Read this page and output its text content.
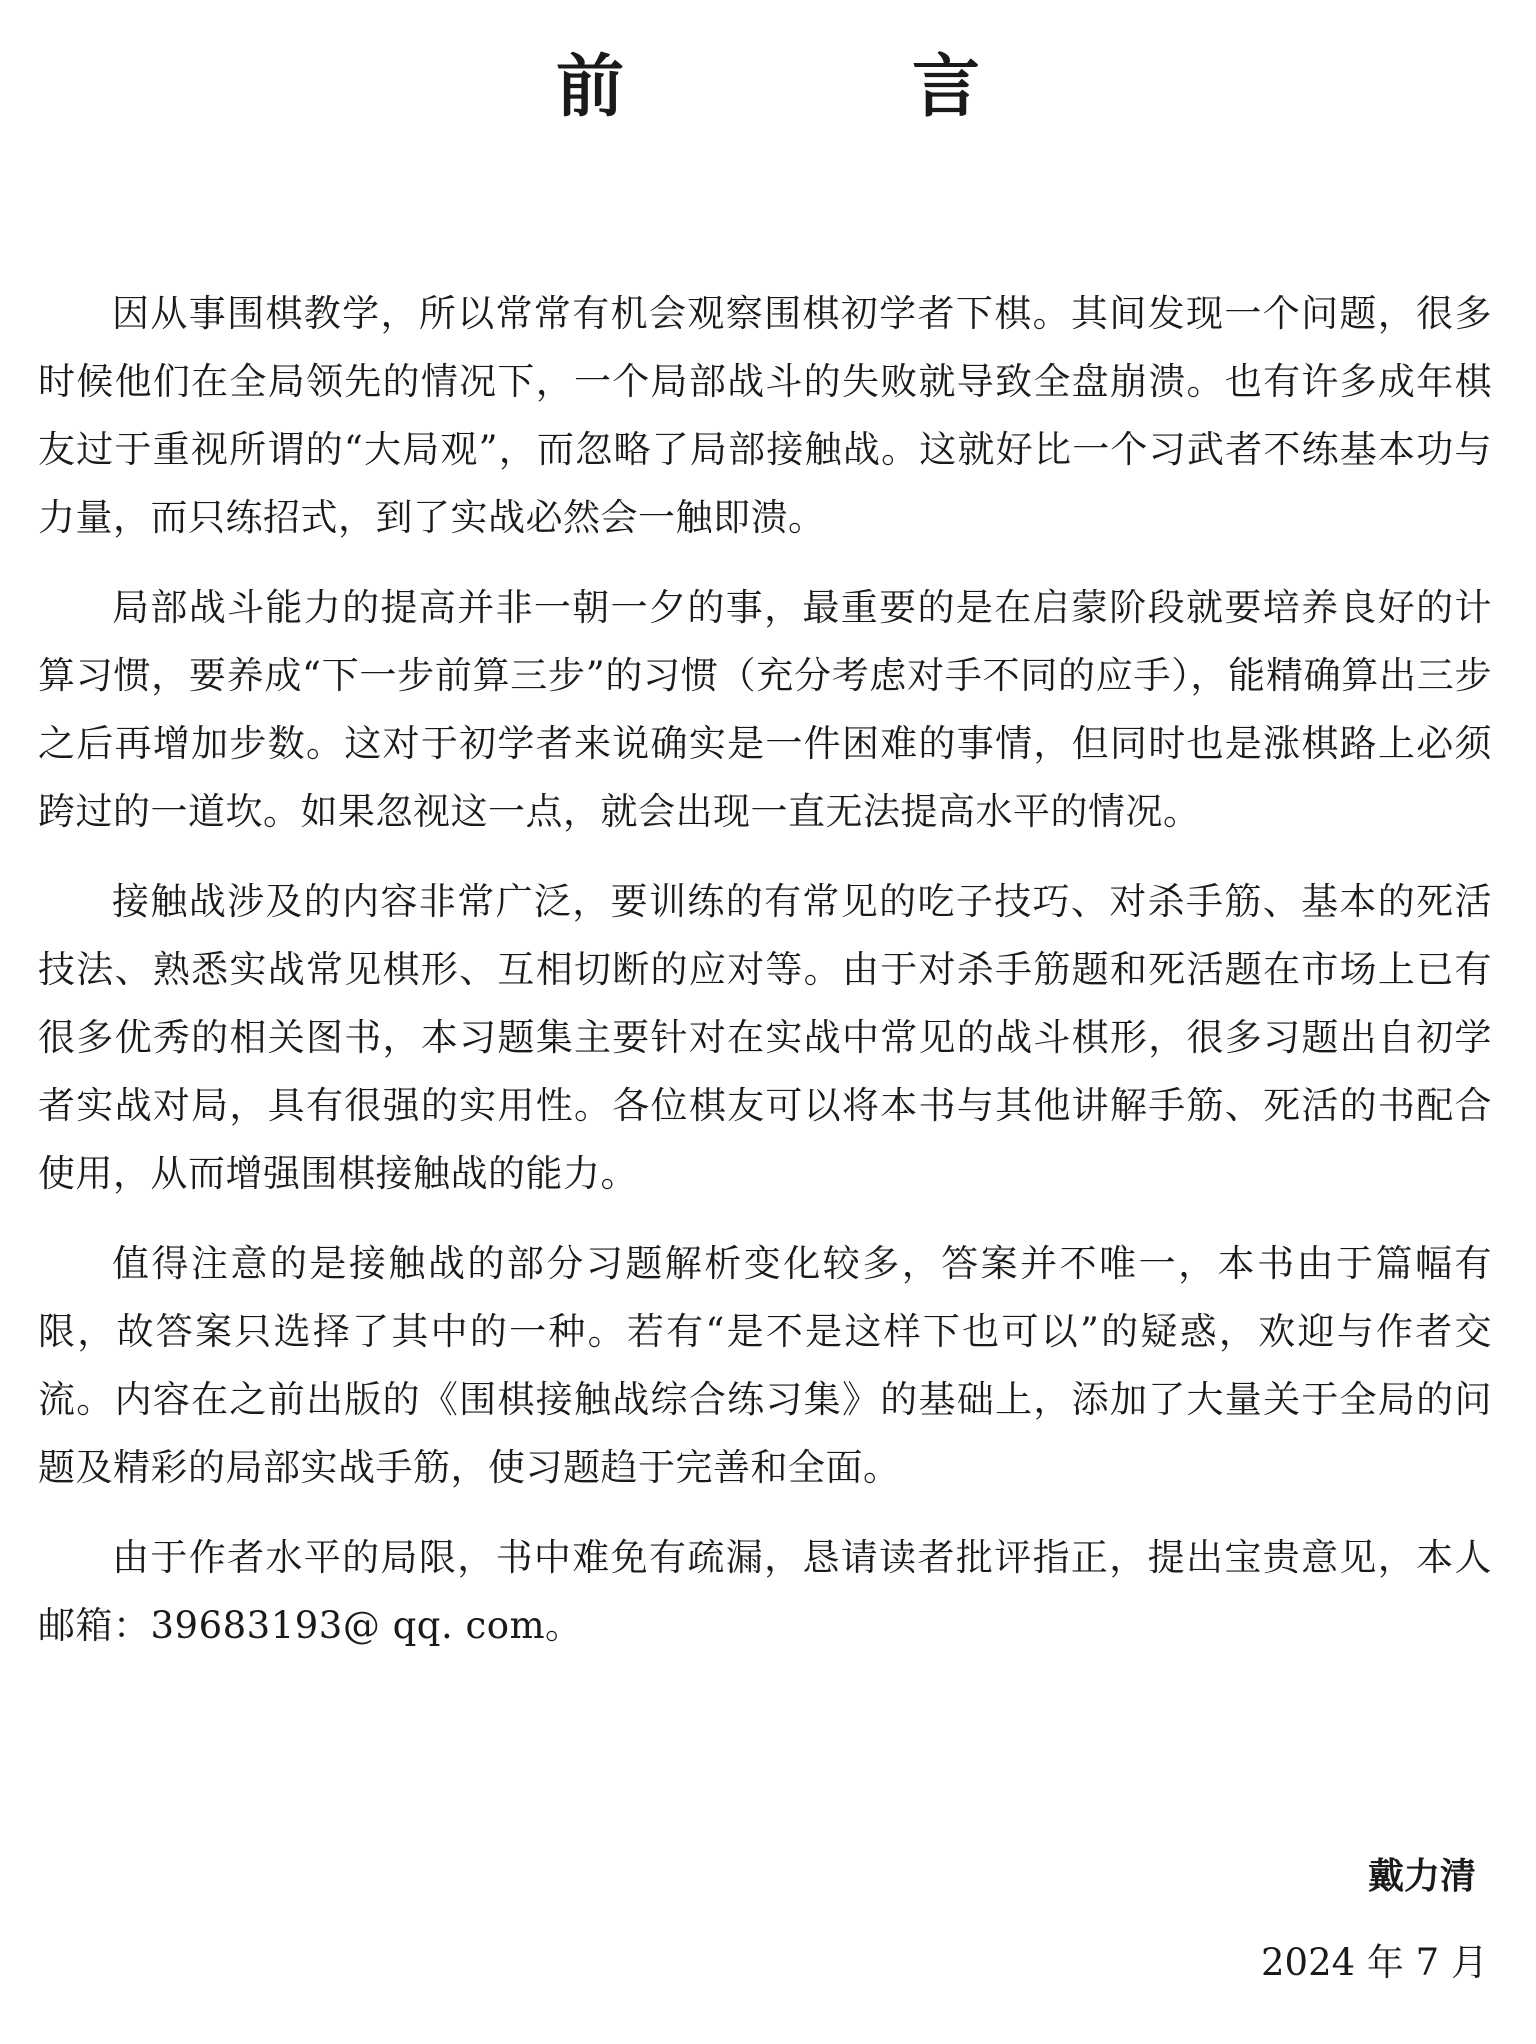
前　言

因从事围棋教学，所以常常有机会观察围棋初学者下棋。其间发现一个问题，很多时候他们在全局领先的情况下，一个局部战斗的失败就导致全盘崩溃。也有许多成年棋友过于重视所谓的“大局观”，而忽略了局部接触战。这就好比一个习武者不练基本功与力量，而只练招式，到了实战必然会一触即溃。

局部战斗能力的提高并非一朝一夕的事，最重要的是在启蒙阶段就要培养良好的计算习惯，要养成“下一步前算三步”的习惯（充分考虑对手不同的应手），能精确算出三步之后再增加步数。这对于初学者来说确实是一件困难的事情，但同时也是涨棋路上必须跨过的一道坎。如果忽视这一点，就会出现一直无法提高水平的情况。

接触战涉及的内容非常广泛，要训练的有常见的吃子技巧、对杀手筋、基本的死活技法、熟悉实战常见棋形、互相切断的应对等。由于对杀手筋题和死活题在市场上已有很多优秀的相关图书，本习题集主要针对在实战中常见的战斗棋形，很多习题出自初学者实战对局，具有很强的实用性。各位棋友可以将本书与其他讲解手筋、死活的书配合使用，从而增强围棋接触战的能力。

值得注意的是接触战的部分习题解析变化较多，答案并不唯一，本书由于篇幅有限，故答案只选择了其中的一种。若有“是不是这样下也可以”的疑惑，欢迎与作者交流。内容在之前出版的《围棋接触战综合练习集》的基础上，添加了大量关于全局的问题及精彩的局部实战手筋，使习题趋于完善和全面。

由于作者水平的局限，书中难免有疏漏，恳请读者批评指正，提出宝贵意见，本人邮箱：39683193@ qq. com。

戴力清

2024 年 7 月
